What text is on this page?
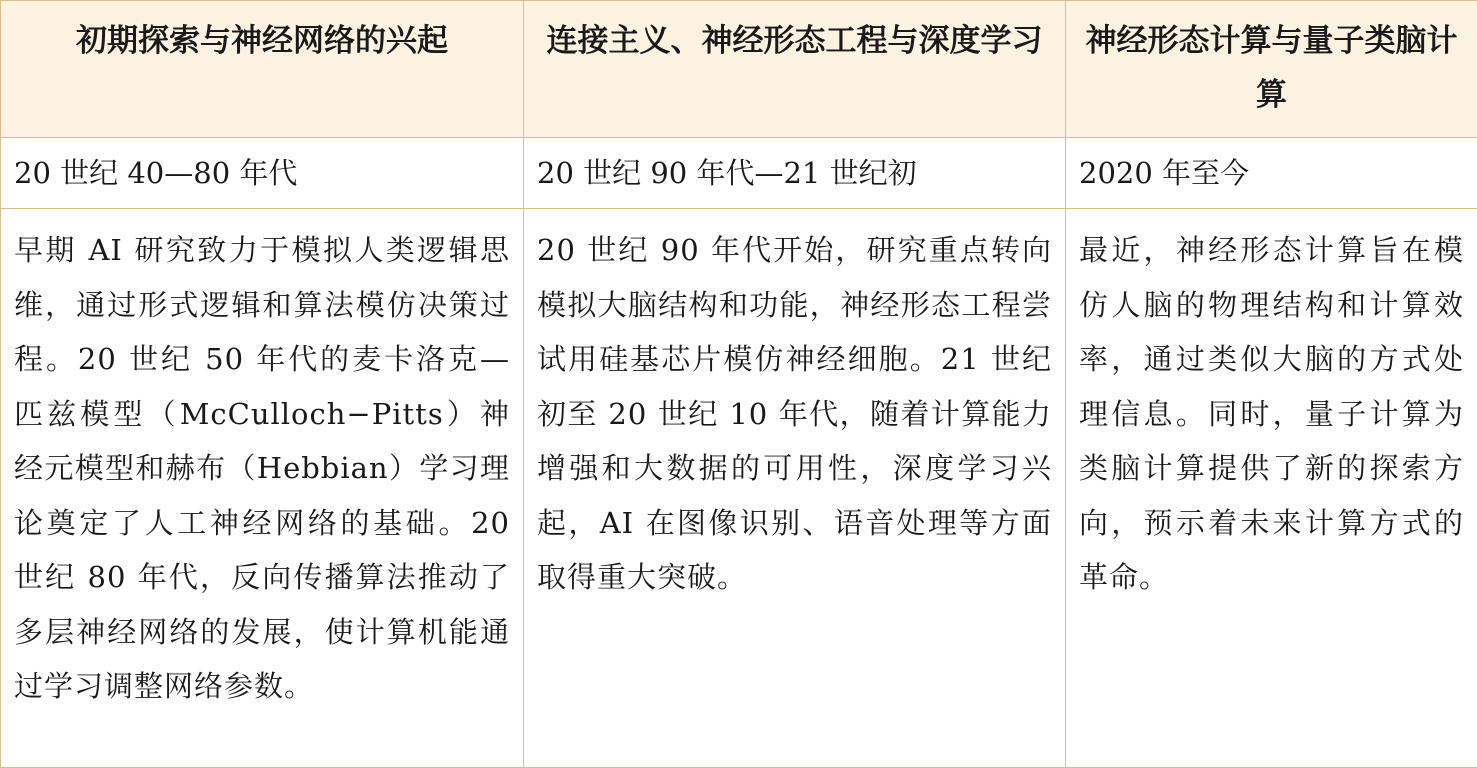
初期探索与神经网络的兴起	连接主义、神经形态工程与深度学习	神经形态计算与量子类脑计算
20 世纪 40—80 年代	20 世纪 90 年代—21 世纪初	2020 年至今
早期 AI 研究致力于模拟人类逻辑思维，通过形式逻辑和算法模仿决策过程。20 世纪 50 年代的麦卡洛克—匹兹模型（McCulloch−Pitts）神经元模型和赫布（Hebbian）学习理论奠定了人工神经网络的基础。20 世纪 80 年代，反向传播算法推动了多层神经网络的发展，使计算机能通过学习调整网络参数。	20 世纪 90 年代开始，研究重点转向模拟大脑结构和功能，神经形态工程尝试用硅基芯片模仿神经细胞。21 世纪初至 20 世纪 10 年代，随着计算能力增强和大数据的可用性，深度学习兴起，AI 在图像识别、语音处理等方面取得重大突破。	最近，神经形态计算旨在模仿人脑的物理结构和计算效率，通过类似大脑的方式处理信息。同时，量子计算为类脑计算提供了新的探索方向，预示着未来计算方式的革命。
